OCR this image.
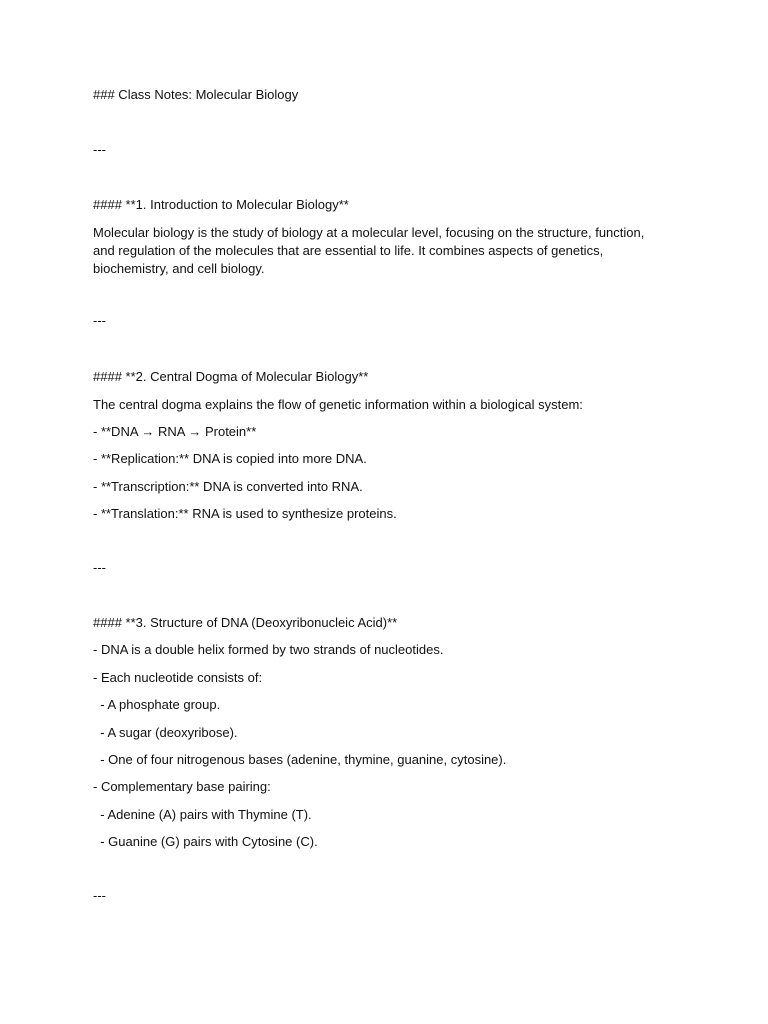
### Class Notes: Molecular Biology
---
#### **1. Introduction to Molecular Biology**
Molecular biology is the study of biology at a molecular level, focusing on the structure, function, and regulation of the molecules that are essential to life. It combines aspects of genetics, biochemistry, and cell biology.
---
#### **2. Central Dogma of Molecular Biology**
The central dogma explains the flow of genetic information within a biological system:
- **DNA → RNA → Protein**
- **Replication:** DNA is copied into more DNA.
- **Transcription:** DNA is converted into RNA.
- **Translation:** RNA is used to synthesize proteins.
---
#### **3. Structure of DNA (Deoxyribonucleic Acid)**
- DNA is a double helix formed by two strands of nucleotides.
- Each nucleotide consists of:
- A phosphate group.
- A sugar (deoxyribose).
- One of four nitrogenous bases (adenine, thymine, guanine, cytosine).
- Complementary base pairing:
- Adenine (A) pairs with Thymine (T).
- Guanine (G) pairs with Cytosine (C).
---
